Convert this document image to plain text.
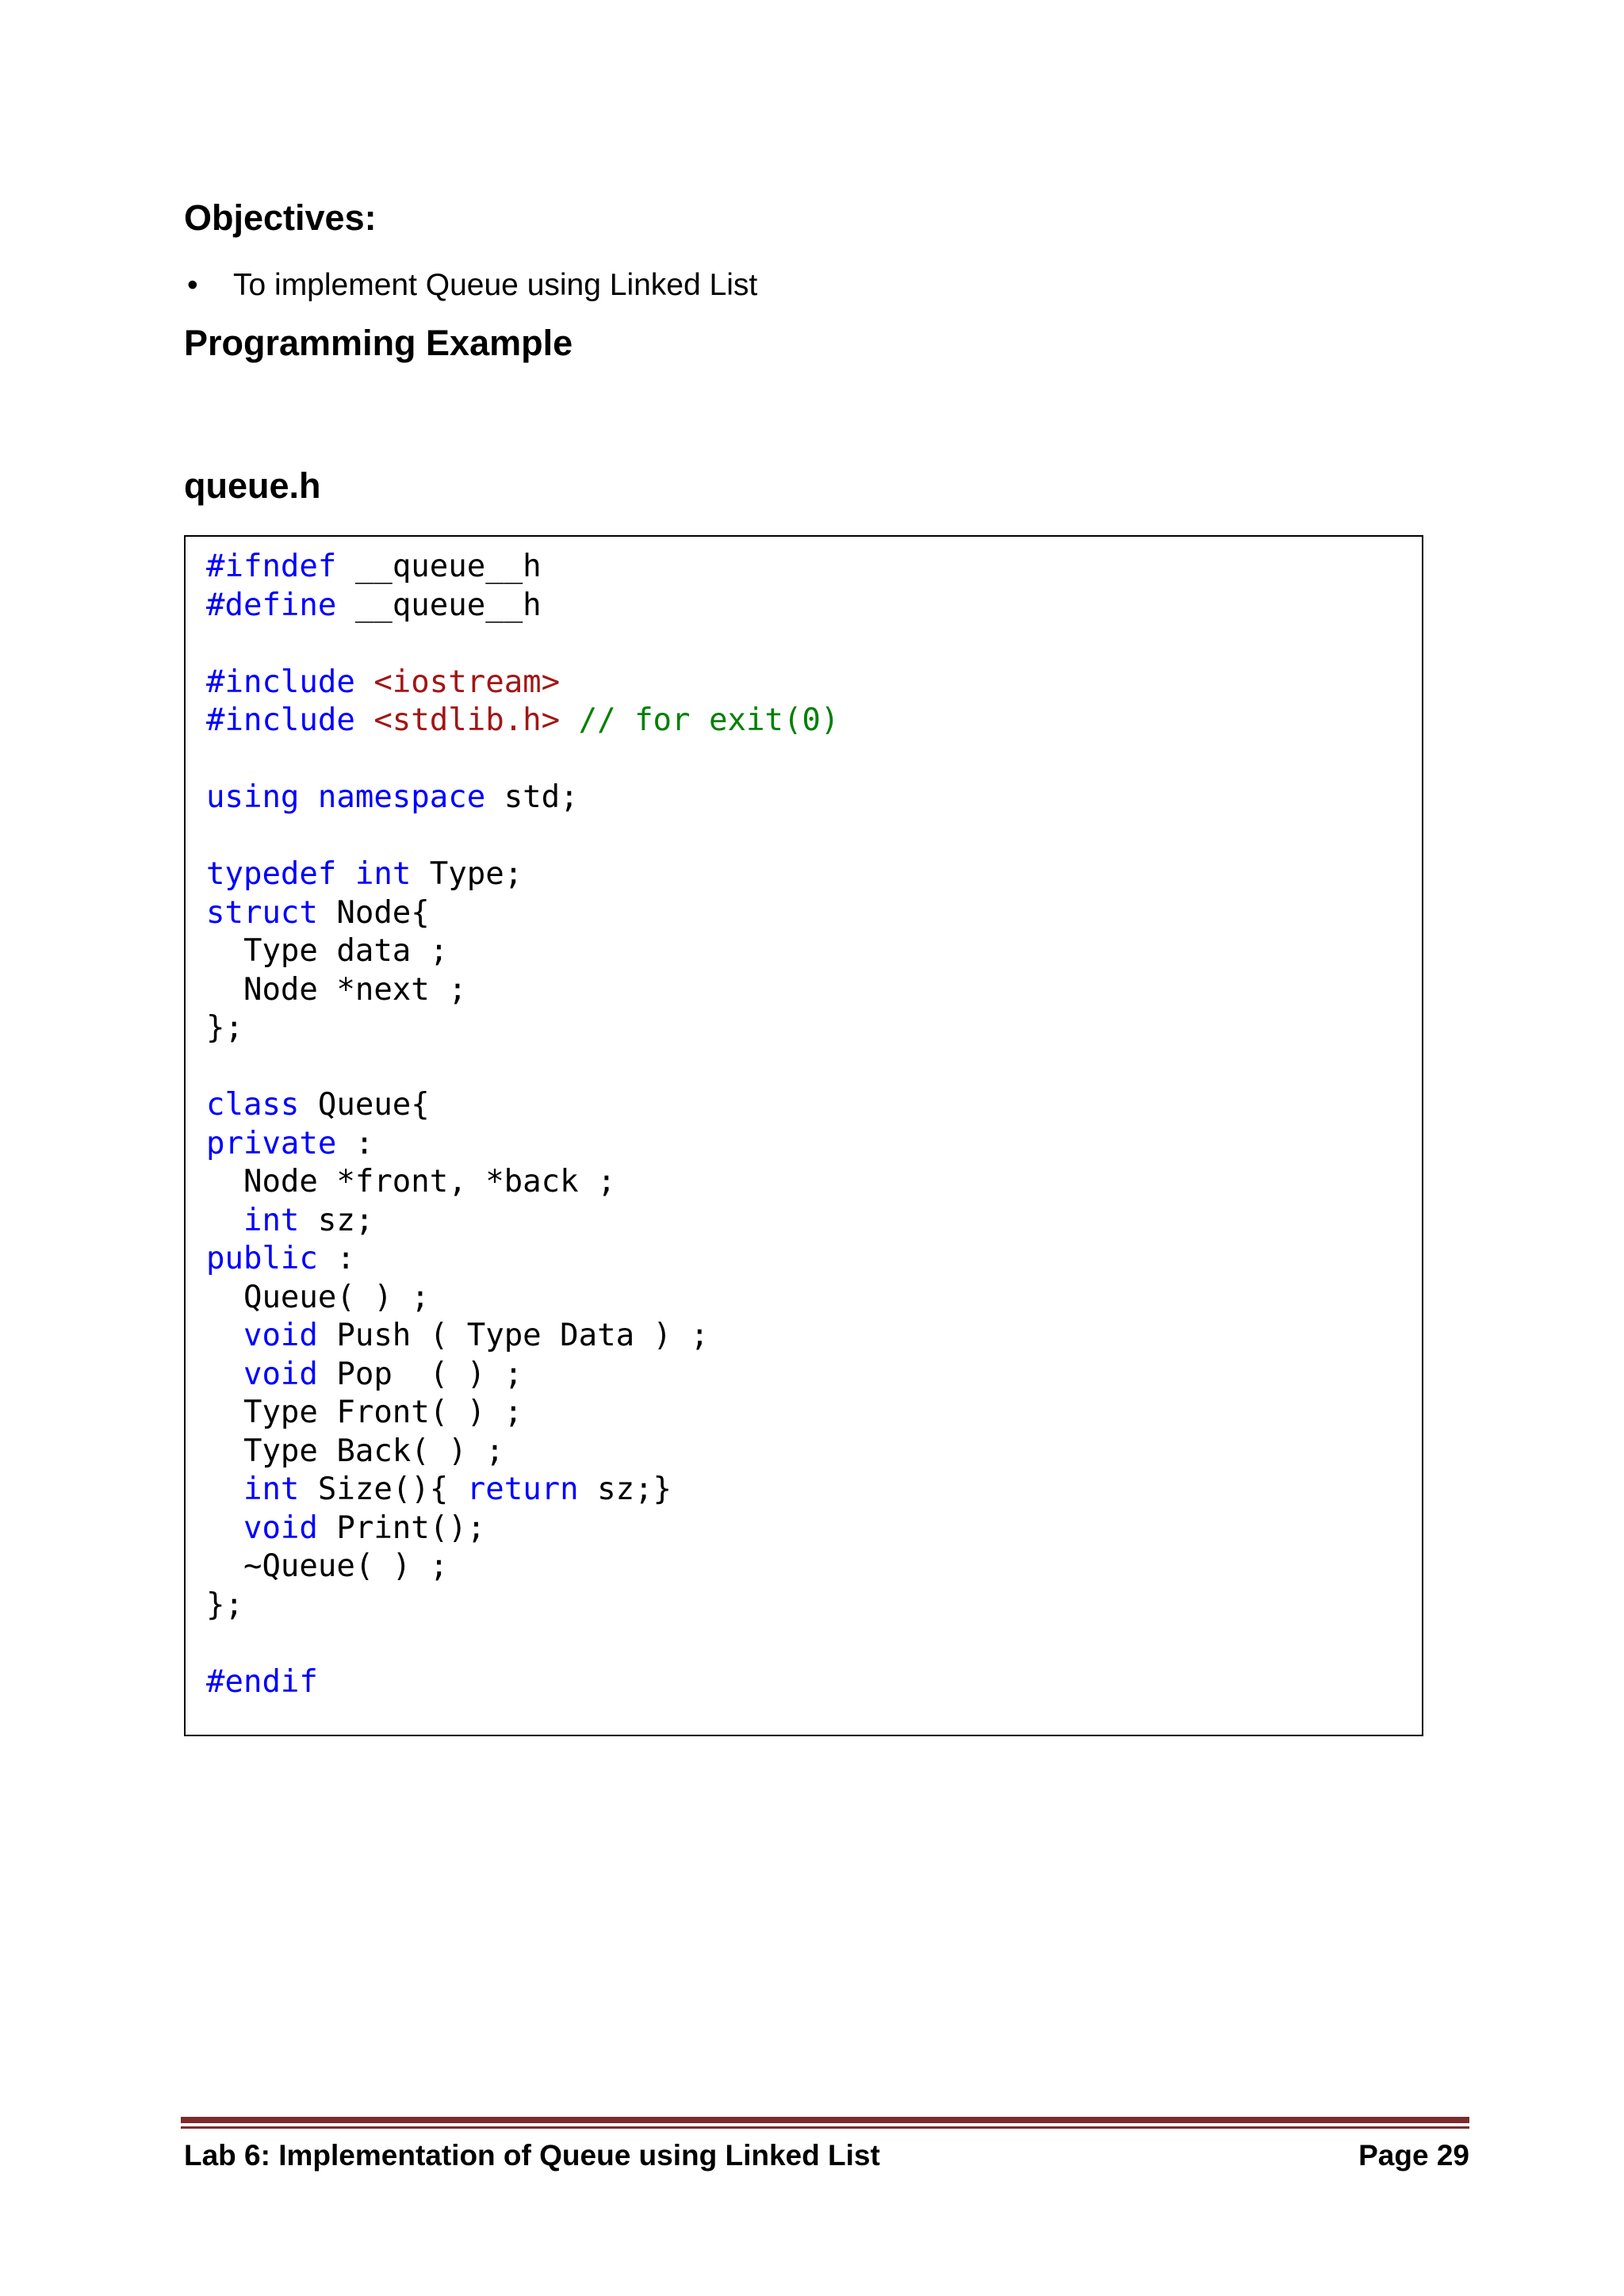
Objectives:
• To implement Queue using Linked List
Programming Example
queue.h
#ifndef __queue__h
#define __queue__h

#include <iostream>
#include <stdlib.h> // for exit(0)

using namespace std;

typedef int Type;
struct Node{
Type data ;
Node *next ;
};

class Queue{
private :
Node *front, *back ;
int sz;
public :
Queue( ) ;
void Push ( Type Data ) ;
void Pop  ( ) ;
Type Front( ) ;
Type Back( ) ;
int Size(){ return sz;}
void Print();
~Queue( ) ;
};

#endif
Lab 6: Implementation of Queue using Linked List	Page 29
